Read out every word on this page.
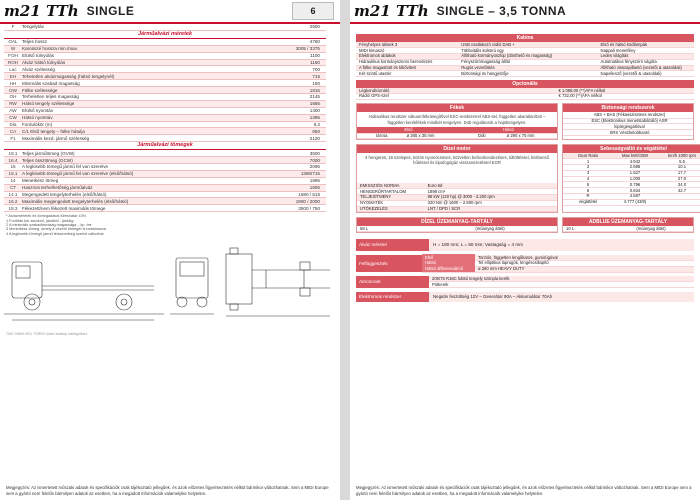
m21 TTh SINGLE	6
F	Tengelytáv	2500
Járműalvázi méretek
OAL Teljes hossz	4760
W	Karosszé hossza min./max.	3005 / 3375
FOH Elülső túlnyúlás	1100
ROH Alváz hátsó túlnyúlás	1160
Lac	Alváz szélesség	700
EH	Tehetetlen alvázmagasság (hátsó tengelynél)	715
HH	Minimális szabad magasság	190
OW	Fülke szélessége	1815
OH	Terheletlen teljes magasság	2145
RW	Hátsó tengely szélessége	1665
AW	Elülső nyomtáv	1400
CW	Hátsó nyomtáv	1395
Dia	Fordulókör (m)	9,2
CA	C/L Első tengely – fülke hátulja	650
F1	Maximális kezd. jármű szélesség	2120
Járműalvázi tömegek
18.1 Teljes járműtömeg (GVW)	3500
16.4 Teljes össztömeg (GCW)	7000
15	A legkisebb tömegű jármű fel van szerelve	2095
15.1 A legkisebb tömegű jármű fel van szerelve (első/hátsó)	1380/715
14	Menetkész tömeg	1895
CT	Hasznos terhelhetőség járműalváz	1605
14.1 Megengedett tengelyterhelés (első/hátsó)	1580 / 515
16.2 Maximális megengedett tengelyterhelés (első/hátsó)	1900 / 2000
18.3 Fékezett/nem fékezett maximális tömege	3500 / 750
* Alvázméretek és tömegadatok tűréshatár ±3%
1 Fordítás kör sarokról, járdától - járdáig
2 A minimális szabadtávolság magassága – kp. leir
3 Menetkész tömeg, amely a vezető tömegét is tartalmazza
4 A legkisebb tömegű jármű felszereltség szerint változhat
TMS GMBH MOL TOBER Alvázi adatlap mérlegelésre
Megjegyzés: Az ismertetett műszaki adatok és specifikációk csak tájékoztató jellegűek, és azok előzetes figyelmeztetés nélkül bármikor változhatnak. Sem a MIDI Europe sem a gyártó nem felelős bármilyen adatok az esetben, ha a megadott információk valamelyike helytelen.
m21 TTh SINGLE – 3,5 TONNA
Kabina
Fényhelyes ülések 3	USB csatlakozó rádió DAB +	Első és hátsó ködlámpák
MIDI kimaszó	Többvitális külsörú ügy	Nappali menetfény
Elektromos ablakok	Állítható kormányoszlop (dönthető és magasság)	Ledes világítás
Hidraulikus kormányszervo berendezés	Fényszórómagasság állító	Automatikus fényszóró vágóta
A fülke magasított és kibővített	Rugós vezetőülés	Állítható visszapillantó (vezetői & utasoldali)
Két szintű utastér	Biztonsági öv hangjelzője	Napellenző (vezetői & utasoldali)
Opcionális
Légkondicionáló	€ 1.088,00 (**)ÁFA nélkül
Rádió GPS-szel	€ 732,00 (**)ÁFA nélkül
Fékek
Hidraulikus rendszer vákuumfékrásegítővel ESC-rendszerrel ABS-sel, független akaratlanított – független kerékfékek mindkét tengelyen. Dob regulátorok a hajtótengelyen.
Első	Hátsó
tárcsa	ø 265 x 35 mm	Dob	ø 290 x 75 mm
Biztonsági rendszerek
ABS + BAS (Fékasszisztens rendszer)
ESC (Elektronikus menetstabilizáló) ASR
kipörgésgátlóval
SRS Vészbelobbantó
Dízel motor
4 hengeres, 16 szelepes, közös nyomócsöves, közvetlen befecskendezéses, túltöltéssel, közbenső hűtéssel és kipufogógáz visszavezetéssel EGR
EMISSZIÓS NORMA	Euro 6d
HENGERŰRTARTALOM	1898 cm³
TELJESÍTMÉNY	88 kW (120 hp) @ 3000 - 3.200 rpm
NYOMATÉK	320 Nm @ 1600 – 2.600 rpm
UTÓKEZELÉS	LNT / DPD / SCR
Sebességváltó és végáttétel
Gear Ratio	Max kW/CBW	km/h 1000 rpm
1	4.942	5.5
2	2.686	10.1
3	1.527	17.7
4	1.000	27.0
5	0.796	34.0
6	0.634	42.7
R	4.587
végáttétel	4.777 (43/9)
DÍZEL ÜZEMANYAG-TARTÁLY
58 L	(műanyag áttét)
ADBLUE ÜZEMANYAG-TARTÁLY
10 L	(műanyag áttét)
Alváz méretei	H = 180 mm; L = 50 mm; Vastagság = 4 mm
Felfüggesztés
Első	Torziós, független lengőkaros, gumirúgóval
Hátsó	Tel elliptikus laprugók, lengéscsillapító
Hátsó differenciálmű	ø 260 mm HEAVY DUTY
Abroncsok
205/75 R16C hátsó tengely szimpla kerék
Pótkerék
Elektromos rendszer	Negatív feszültség 12V – Generátor 90A – Akkumulátor 70Ah
Megjegyzés: Az ismertetett műszaki adatok és specifikációk csak tájékoztató jellegűek, és azok előzetes figyelmeztetés nélkül bármikor változhatnak. Sem a MIDI Europe sem a gyártó nem felelős bármilyen adatok az esetben, ha a megadott információk valamelyike helytelen.
